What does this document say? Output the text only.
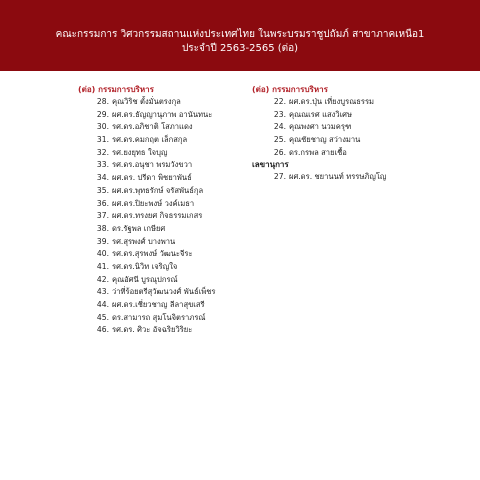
คณะกรรมการ วิศวกรรมสถานแห่งประเทศไทย ในพระบรมราชูปถัมภ์ สาขาภาคเหนือ1
ประจำปี 2563-2565 (ต่อ)
(ต่อ) กรรมการบริหาร
28. คุณวิริช ตั้งมั่นตรงกุล
29. ผศ.ดร.ธัญญานุภาพ อานันทนะ
30. รศ.ดร.อภิชาติ โสภาแดง
31. รศ.ดร.คมกฤต เล็กสกุล
32. รศ.ยงยุทธ ใจบุญ
33. รศ.ดร.อนุชา พรมวังขวา
34. ผศ.ดร. ปรีดา พิชยาพันธ์
35. ผศ.ดร.พุทธรักษ์ จรัสพันธ์กุล
36. ผศ.ดร.ปิยะพงษ์ วงค์เมธา
37. ผศ.ดร.ทรงยศ กิจธรรมเกสร
38. ดร.รัฐพล เกษียศ
39. รศ.สุรพงศ์ บางพาน
40. รศ.ดร.สุรพงษ์ วัฒนะจีระ
41. รศ.ดร.นิวิท เจริญใจ
42. คุณอัศนี บูรณุปกรณ์
43. ว่าที่ร้อยตรีสุวัฒนวงศ์ พันธ์เพ็ชร
44. ผศ.ดร.เชี่ยวชาญ ลีลาสุขเสรี
45. ดร.สามารถ สุมโนจิตราภรณ์
46. รศ.ดร. ศิวะ อัจฉริยวิริยะ
(ต่อ) กรรมการบริหาร
22. ผศ.ดร.ปุ่น เที่ยงบูรณธรรม
23. คุณณเรศ แสงวิเศษ
24. คุณพงศา นวมครุฑ
25. คุณชัยชาญ สว่างมาน
26. ดร.กรพล สายเชื้อ
เลขานุการ
27. ผศ.ดร. ชยานนท์ ทรรษภิญโญ
